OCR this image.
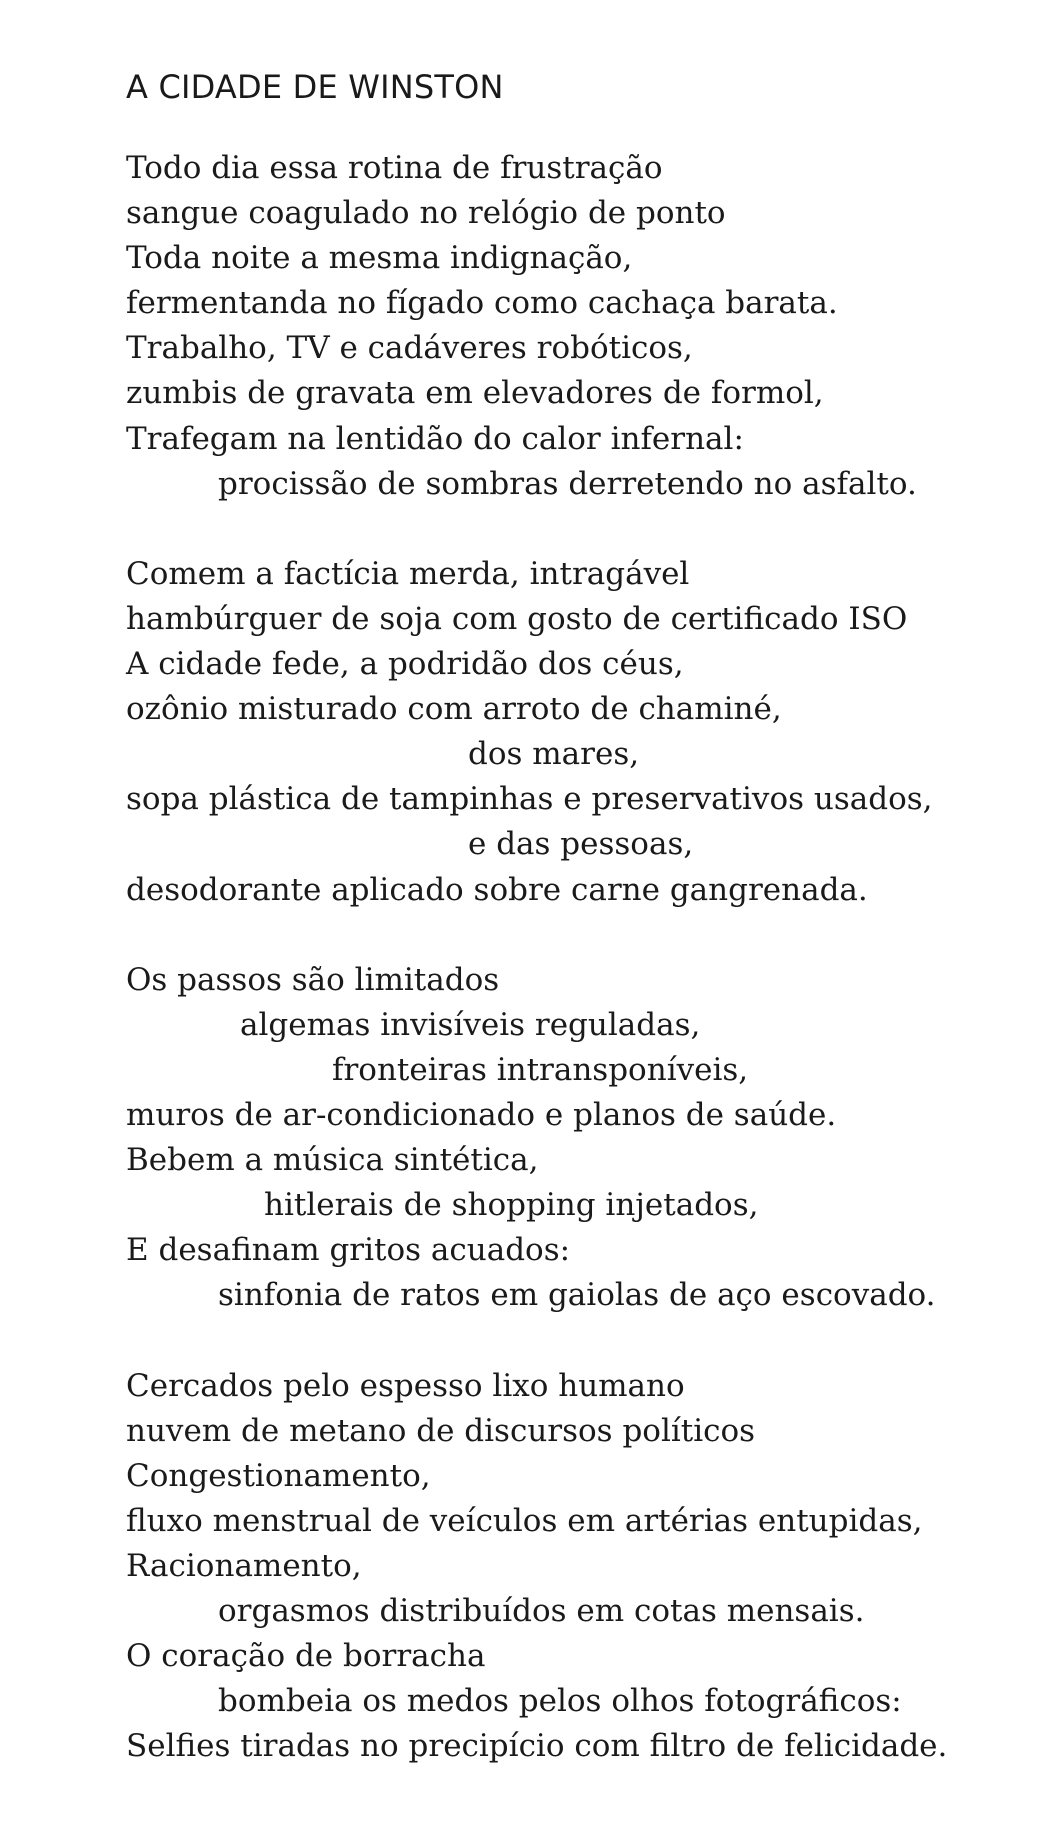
A CIDADE DE WINSTON
Todo dia essa rotina de frustração
sangue coagulado no relógio de ponto
Toda noite a mesma indignação,
fermentanda no fígado como cachaça barata.
Trabalho, TV e cadáveres robóticos,
zumbis de gravata em elevadores de formol,
Trafegam na lentidão do calor infernal:
procissão de sombras derretendo no asfalto.
Comem a factícia merda, intragável
hambúrguer de soja com gosto de certificado ISO
A cidade fede, a podridão dos céus,
ozônio misturado com arroto de chaminé,
dos mares,
sopa plástica de tampinhas e preservativos usados,
e das pessoas,
desodorante aplicado sobre carne gangrenada.
Os passos são limitados
algemas invisíveis reguladas,
fronteiras intransponíveis,
muros de ar-condicionado e planos de saúde.
Bebem a música sintética,
hitlerais de shopping injetados,
E desafinam gritos acuados:
sinfonia de ratos em gaiolas de aço escovado.
Cercados pelo espesso lixo humano
nuvem de metano de discursos políticos
Congestionamento,
fluxo menstrual de veículos em artérias entupidas,
Racionamento,
orgasmos distribuídos em cotas mensais.
O coração de borracha
bombeia os medos pelos olhos fotográficos:
Selfies tiradas no precipício com filtro de felicidade.
